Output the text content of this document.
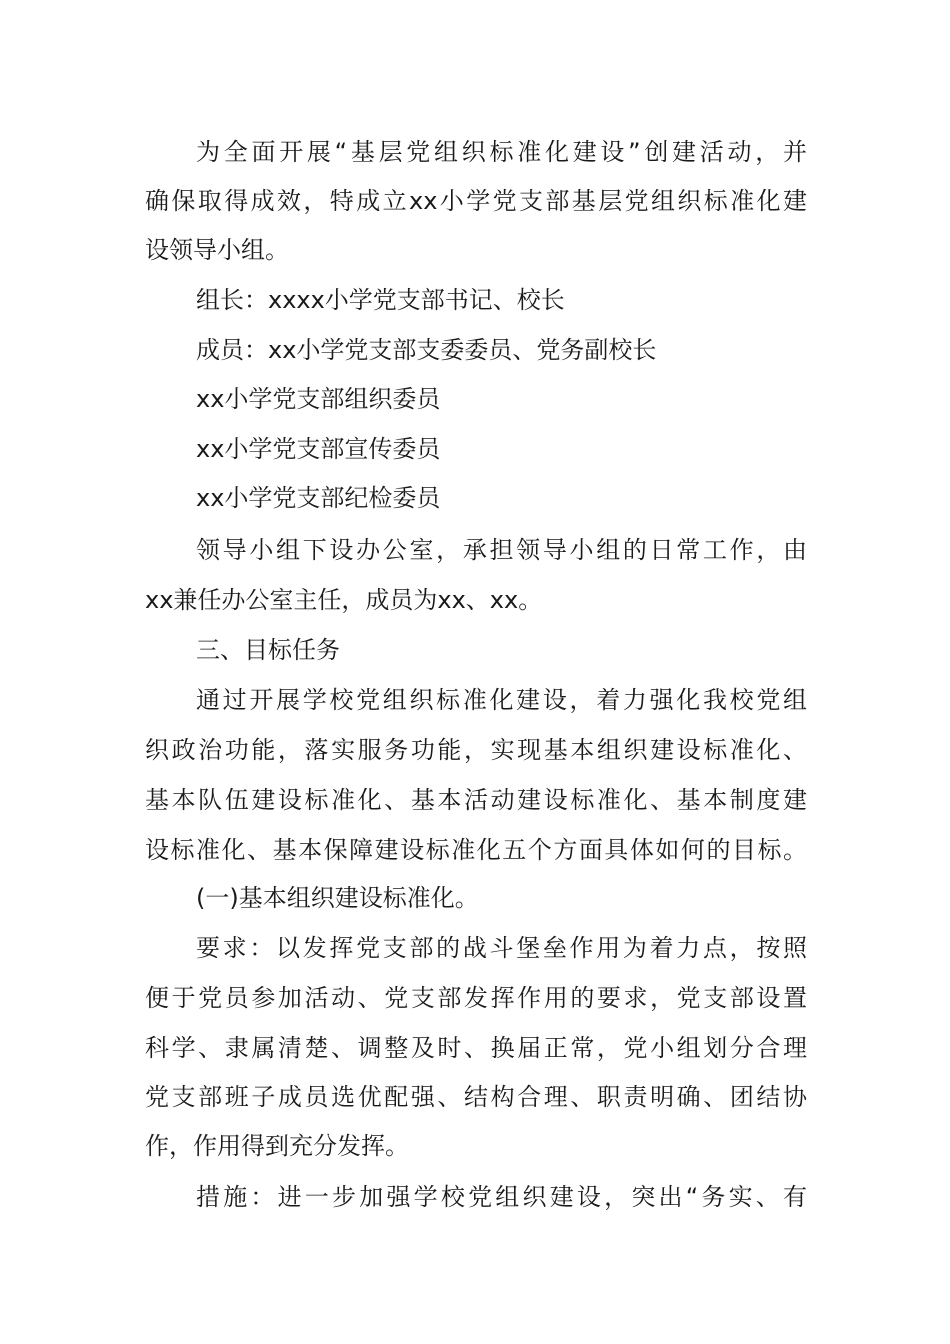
为全面开展“基层党组织标准化建设”创建活动，并
确保取得成效，特成立xx小学党支部基层党组织标准化建
设领导小组。
组长：xxxx小学党支部书记、校长
成员：xx小学党支部支委委员、党务副校长
xx小学党支部组织委员
xx小学党支部宣传委员
xx小学党支部纪检委员
领导小组下设办公室，承担领导小组的日常工作，由
xx兼任办公室主任，成员为xx、xx。
三、目标任务
通过开展学校党组织标准化建设，着力强化我校党组
织政治功能，落实服务功能，实现基本组织建设标准化、
基本队伍建设标准化、基本活动建设标准化、基本制度建
设标准化、基本保障建设标准化五个方面具体如何的目标。
(一)基本组织建设标准化。
要求：以发挥党支部的战斗堡垒作用为着力点，按照
便于党员参加活动、党支部发挥作用的要求，党支部设置
科学、隶属清楚、调整及时、换届正常，党小组划分合理
党支部班子成员选优配强、结构合理、职责明确、团结协
作，作用得到充分发挥。
措施：进一步加强学校党组织建设，突出“务实、有
